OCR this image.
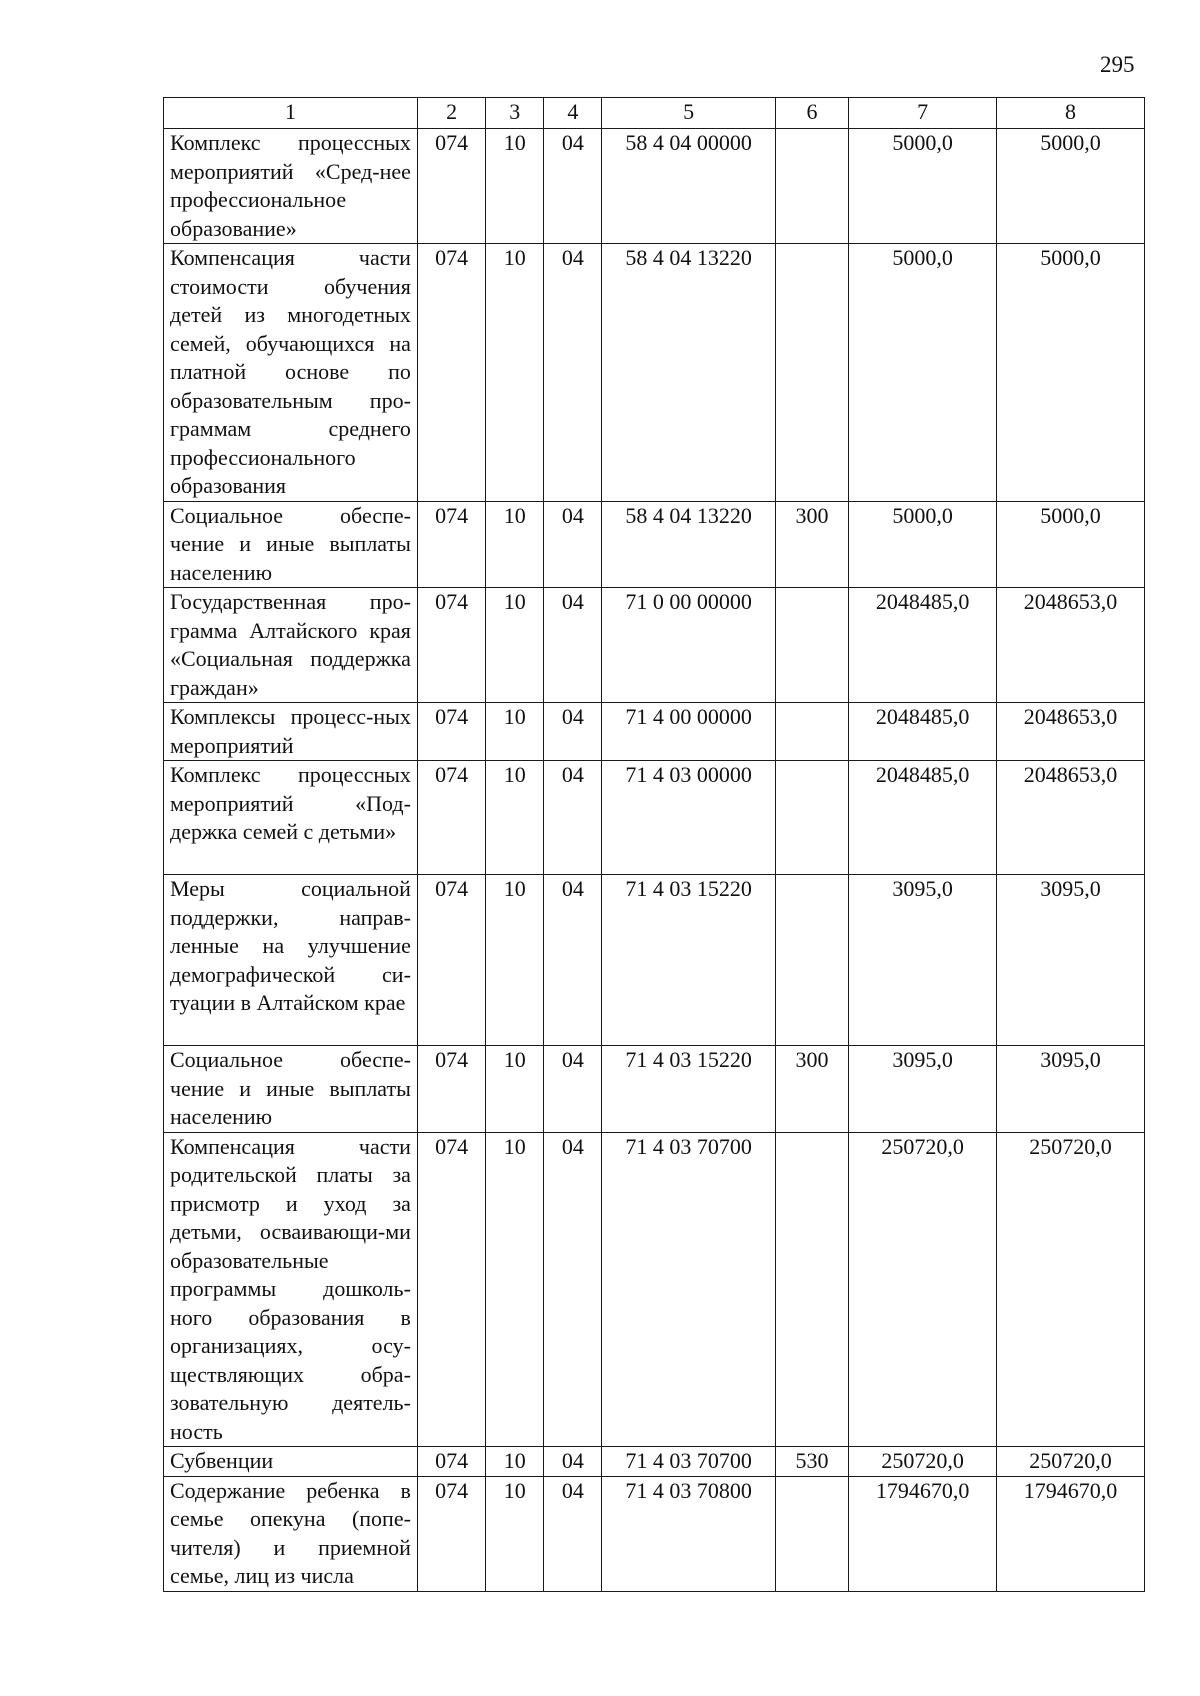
295
1	2	3	4	5	6	7	8
Комплекс процессных мероприятий «Сред-нее профессиональное образование»	074	10	04	58 4 04 00000		5000,0	5000,0
Компенсация части стоимости обучения детей из многодетных семей, обучающихся на платной основе по образовательным про-граммам среднего профессионального образования	074	10	04	58 4 04 13220		5000,0	5000,0
Социальное обеспе-чение и иные выплаты населению	074	10	04	58 4 04 13220	300	5000,0	5000,0
Государственная про-грамма Алтайского края «Социальная поддержка граждан»	074	10	04	71 0 00 00000		2048485,0	2048653,0
Комплексы процесс-ных мероприятий	074	10	04	71 4 00 00000		2048485,0	2048653,0
Комплекс процессных мероприятий «Под-держка семей с детьми»	074	10	04	71 4 03 00000		2048485,0	2048653,0
Меры социальной поддержки, направ-ленные на улучшение демографической си-туации в Алтайском крае	074	10	04	71 4 03 15220		3095,0	3095,0
Социальное обеспе-чение и иные выплаты населению	074	10	04	71 4 03 15220	300	3095,0	3095,0
Компенсация части родительской платы за присмотр и уход за детьми, осваивающи-ми образовательные программы дошколь-ного образования в организациях, осу-ществляющих обра-зовательную деятель-ность	074	10	04	71 4 03 70700		250720,0	250720,0
Субвенции	074	10	04	71 4 03 70700	530	250720,0	250720,0
Содержание ребенка в семье опекуна (попе-чителя) и приемной семье, лиц из числа	074	10	04	71 4 03 70800		1794670,0	1794670,0
